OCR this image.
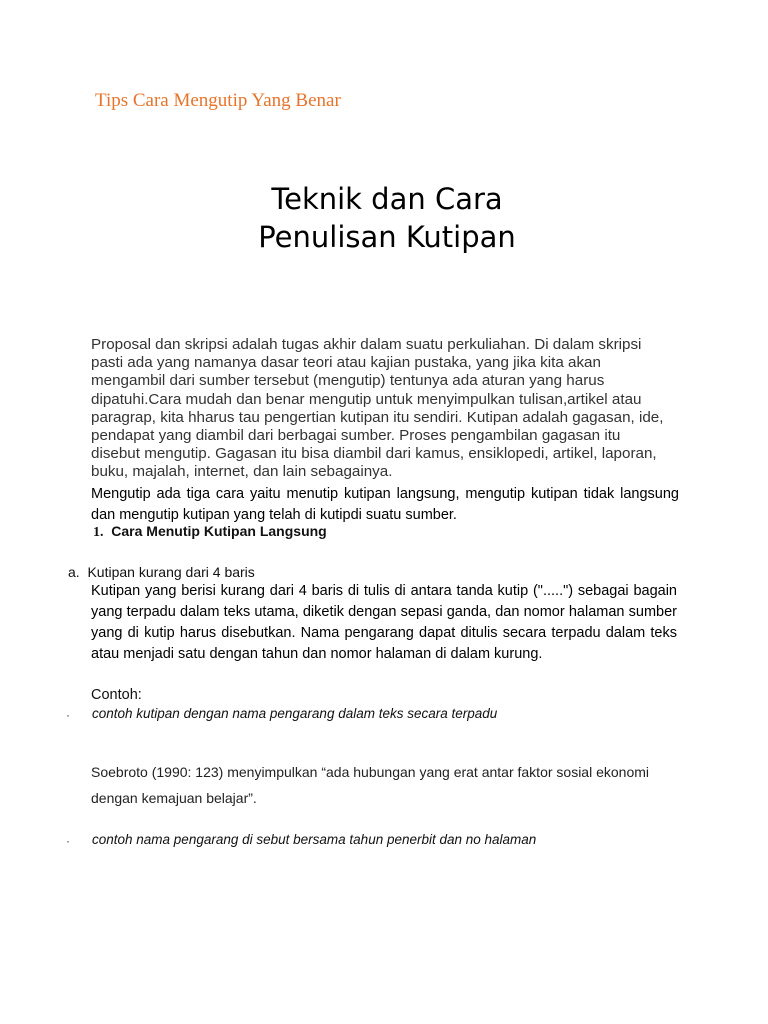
Tips Cara Mengutip Yang Benar
Teknik dan Cara
Penulisan Kutipan
Proposal dan skripsi adalah tugas akhir dalam suatu perkuliahan. Di dalam skripsi pasti ada yang namanya dasar teori atau kajian pustaka, yang jika kita akan mengambil dari sumber tersebut (mengutip) tentunya ada aturan yang harus dipatuhi.Cara mudah dan benar mengutip untuk menyimpulkan tulisan,artikel atau paragrap, kita hharus tau pengertian kutipan itu sendiri. Kutipan adalah gagasan, ide, pendapat yang diambil dari berbagai sumber. Proses pengambilan gagasan itu disebut mengutip. Gagasan itu bisa diambil dari kamus, ensiklopedi, artikel, laporan, buku, majalah, internet, dan lain sebagainya.
Mengutip ada tiga cara yaitu menutip kutipan langsung, mengutip kutipan tidak langsung dan mengutip kutipan yang telah di kutipdi suatu sumber.
1. Cara Menutip Kutipan Langsung
a. Kutipan kurang dari 4 baris
Kutipan yang berisi kurang dari 4 baris di tulis di antara tanda kutip (".....") sebagai bagain yang terpadu dalam teks utama, diketik dengan sepasi ganda, dan nomor halaman sumber yang di kutip harus disebutkan. Nama pengarang dapat ditulis secara terpadu dalam teks atau menjadi satu dengan tahun dan nomor halaman di dalam kurung.
Contoh:
· contoh kutipan dengan nama pengarang dalam teks secara terpadu
Soebroto (1990: 123) menyimpulkan “ada hubungan yang erat antar faktor sosial ekonomi dengan kemajuan belajar”.
· contoh nama pengarang di sebut bersama tahun penerbit dan no halaman
